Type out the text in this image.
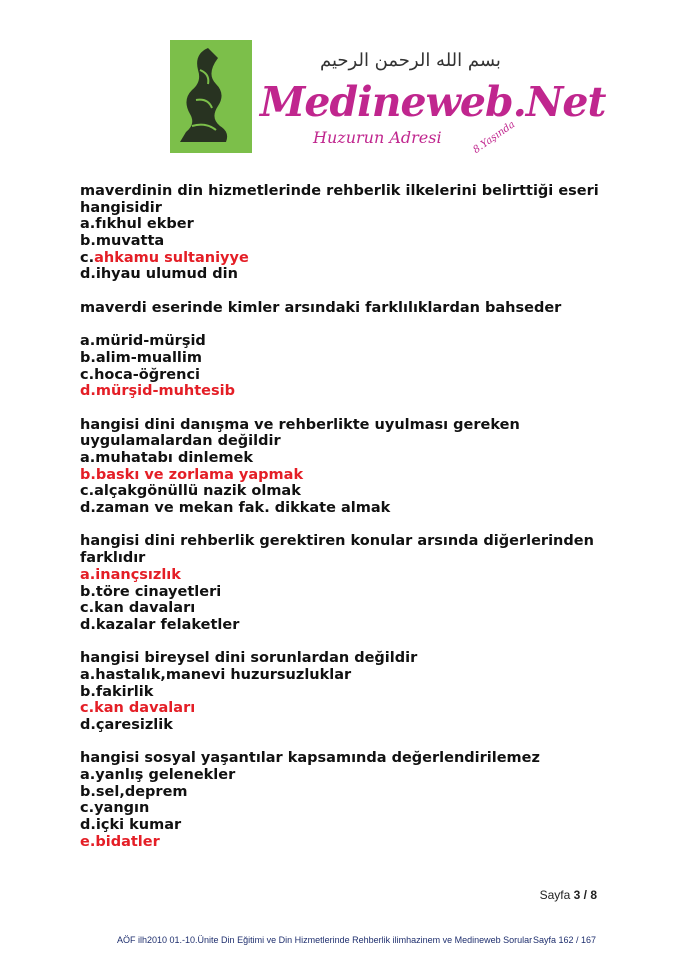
بسم الله الرحمن الرحيم
Medineweb.Net
Huzurun Adresi	8.Yaşında
maverdinin din hizmetlerinde rehberlik ilkelerini belirttiği eseri
hangisidir
a.fıkhul ekber
b.muvatta
c.ahkamu sultaniyye
d.ihyau ulumud din
maverdi eserinde kimler arsındaki farklılıklardan bahseder
a.mürid-mürşid
b.alim-muallim
c.hoca-öğrenci
d.mürşid-muhtesib
hangisi dini danışma ve rehberlikte uyulması gereken
uygulamalardan değildir
a.muhatabı dinlemek
b.baskı ve zorlama yapmak
c.alçakgönüllü nazik olmak
d.zaman ve mekan fak. dikkate almak
hangisi dini rehberlik gerektiren konular arsında diğerlerinden
farklıdır
a.inançsızlık
b.töre cinayetleri
c.kan davaları
d.kazalar felaketler
hangisi bireysel dini sorunlardan değildir
a.hastalık,manevi huzursuzluklar
b.fakirlik
c.kan davaları
d.çaresizlik
hangisi sosyal yaşantılar kapsamında değerlendirilemez
a.yanlış gelenekler
b.sel,deprem
c.yangın
d.içki kumar
e.bidatler
Sayfa 3 / 8
AÖF ilh2010 01.-10.Ünite Din Eğitimi ve Din Hizmetlerinde Rehberlik ilimhazinem ve Medineweb Sorular Sayfa 162 / 167
